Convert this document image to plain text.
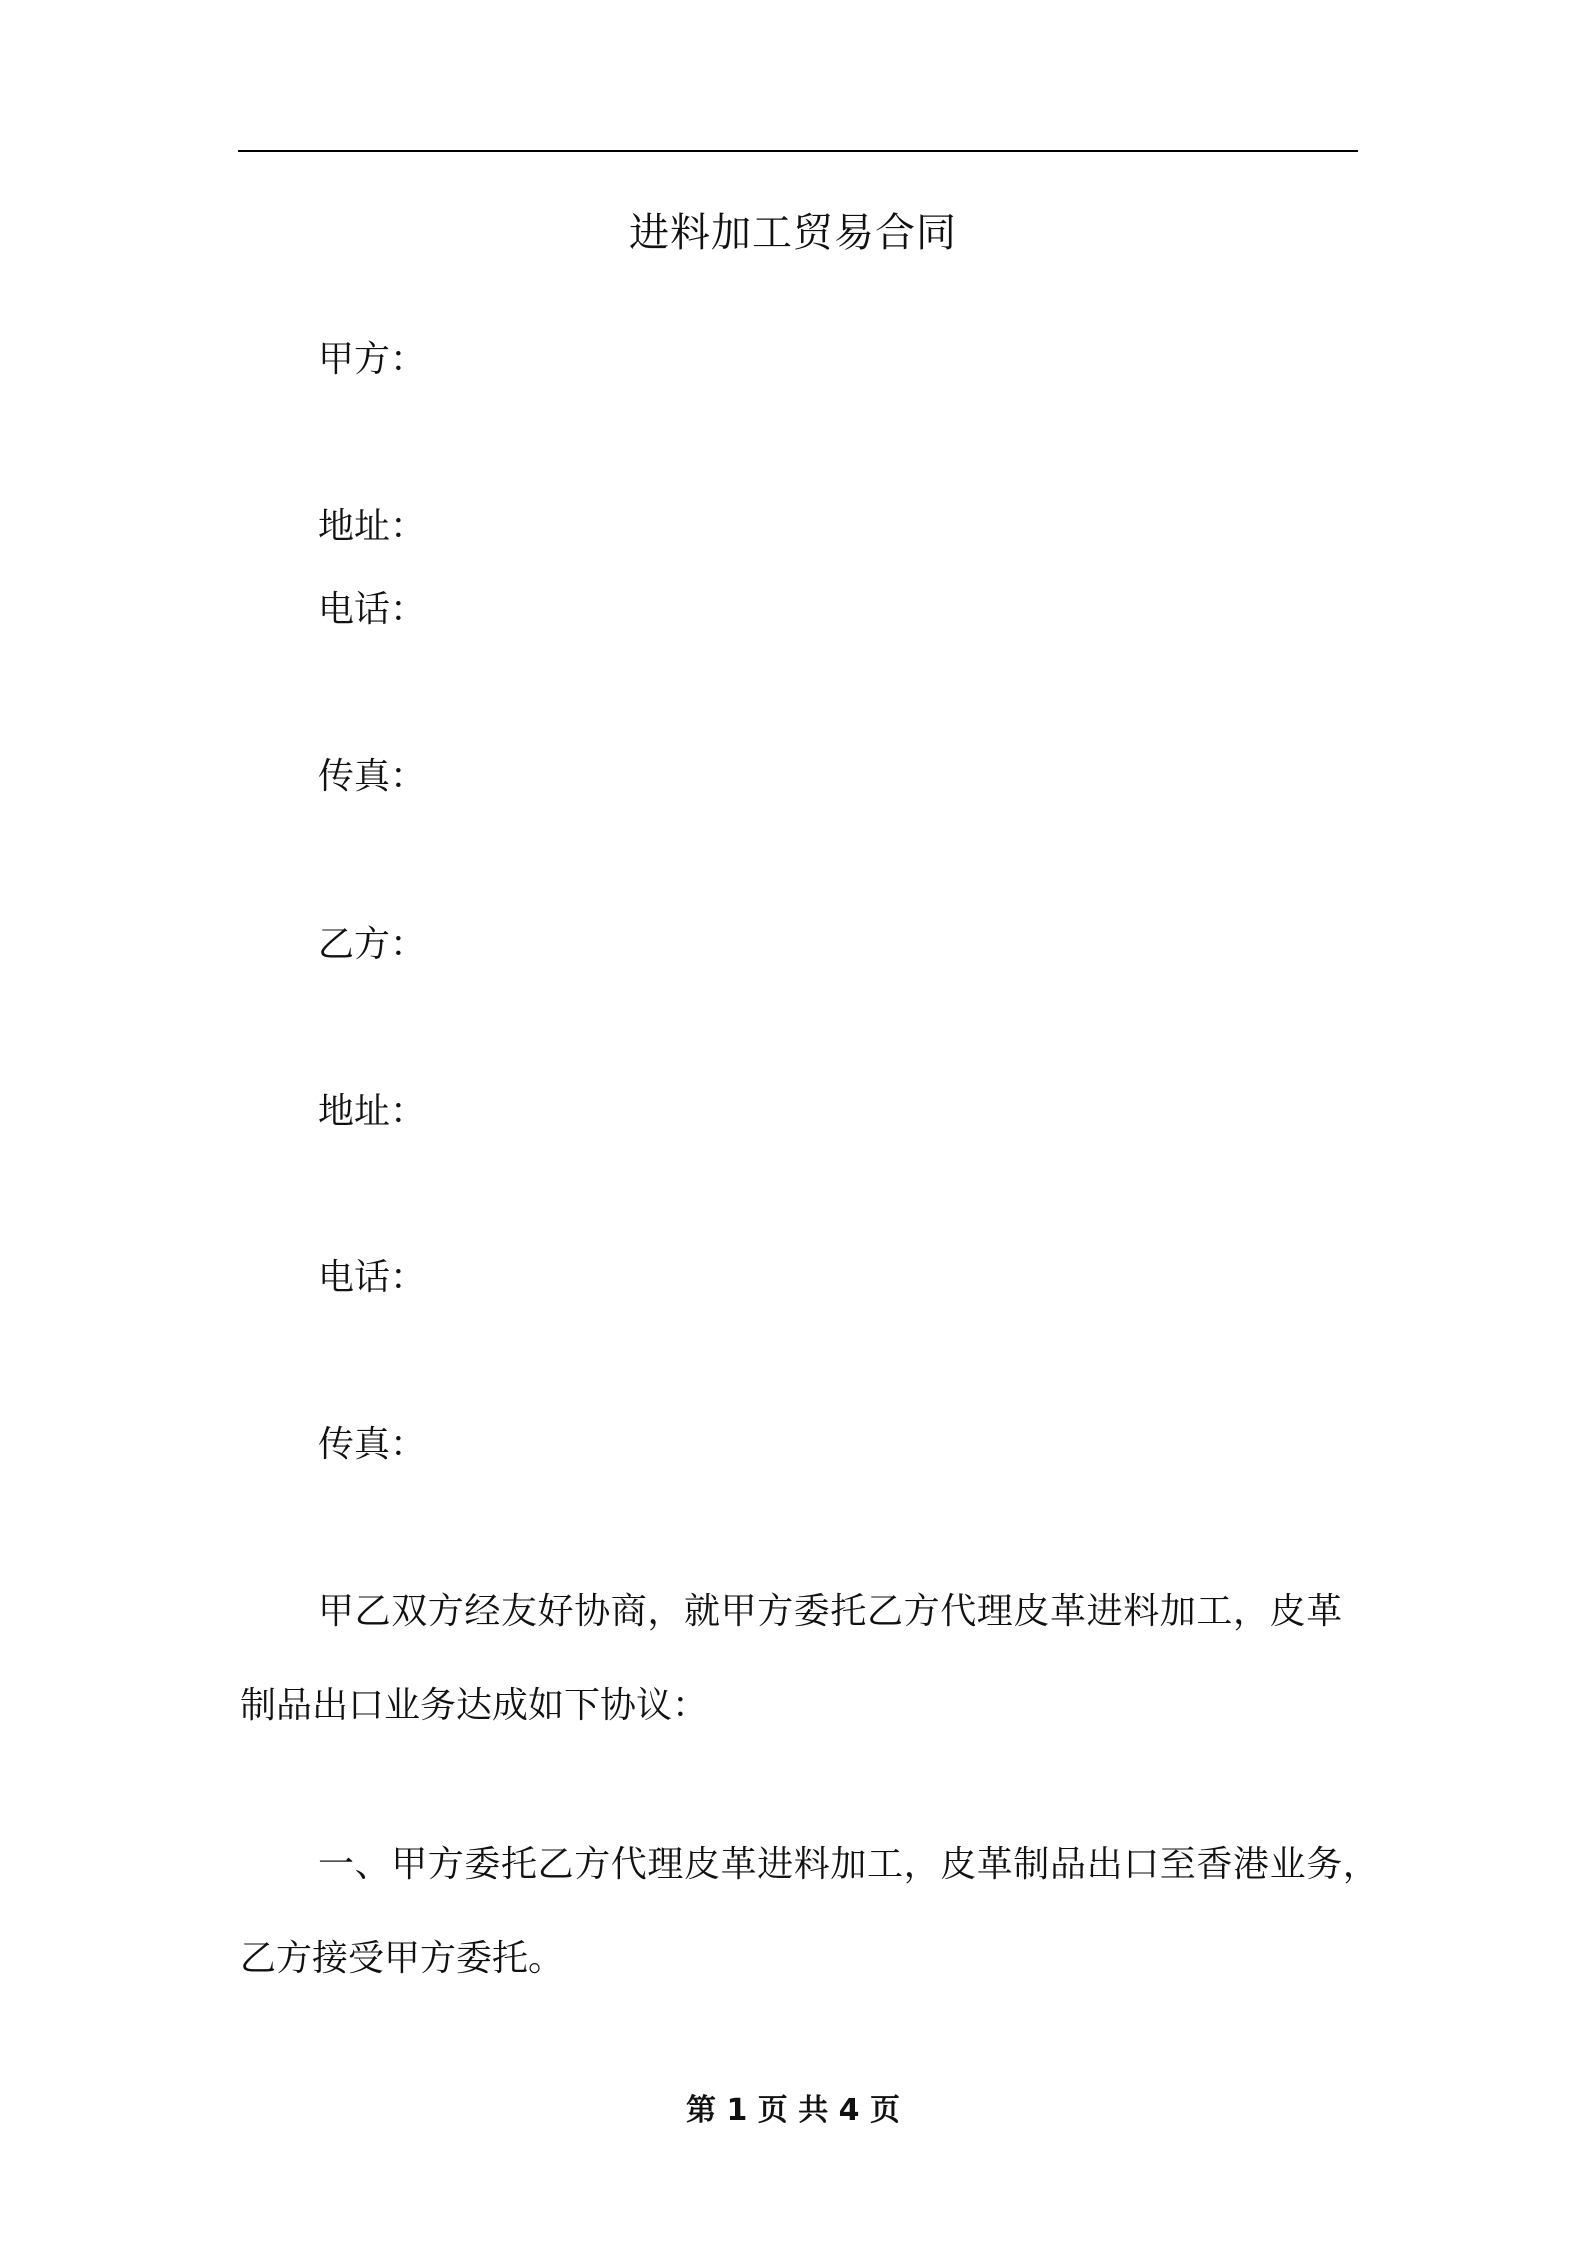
进料加工贸易合同
甲方：
地址：
电话：
传真：
乙方：
地址：
电话：
传真：
甲乙双方经友好协商，就甲方委托乙方代理皮革进料加工，皮革
制品出口业务达成如下协议：
一、甲方委托乙方代理皮革进料加工，皮革制品出口至香港业务，
乙方接受甲方委托。
第 1 页 共 4 页
